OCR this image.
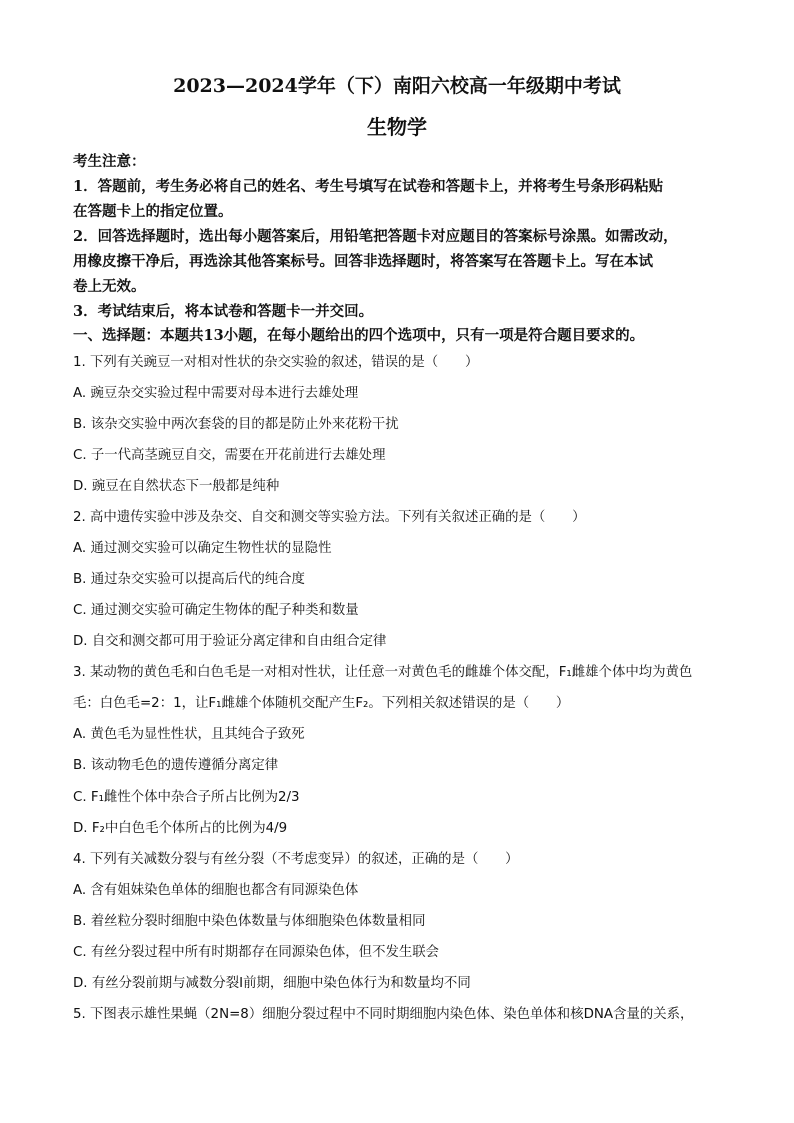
2023—2024学年（下）南阳六校高一年级期中考试
生物学
考生注意：
1．答题前，考生务必将自己的姓名、考生号填写在试卷和答题卡上，并将考生号条形码粘贴
在答题卡上的指定位置。
2．回答选择题时，选出每小题答案后，用铅笔把答题卡对应题目的答案标号涂黑。如需改动，
用橡皮擦干净后，再选涂其他答案标号。回答非选择题时，将答案写在答题卡上。写在本试
卷上无效。
3．考试结束后，将本试卷和答题卡一并交回。
一、选择题：本题共13小题，在每小题给出的四个选项中，只有一项是符合题目要求的。
1. 下列有关豌豆一对相对性状的杂交实验的叙述，错误的是（　　）
A. 豌豆杂交实验过程中需要对母本进行去雄处理
B. 该杂交实验中两次套袋的目的都是防止外来花粉干扰
C. 子一代高茎豌豆自交，需要在开花前进行去雄处理
D. 豌豆在自然状态下一般都是纯种
2. 高中遗传实验中涉及杂交、自交和测交等实验方法。下列有关叙述正确的是（　　）
A. 通过测交实验可以确定生物性状的显隐性
B. 通过杂交实验可以提高后代的纯合度
C. 通过测交实验可确定生物体的配子种类和数量
D. 自交和测交都可用于验证分离定律和自由组合定律
3. 某动物的黄色毛和白色毛是一对相对性状，让任意一对黄色毛的雌雄个体交配，F₁雌雄个体中均为黄色
毛：白色毛=2：1，让F₁雌雄个体随机交配产生F₂。下列相关叙述错误的是（　　）
A. 黄色毛为显性性状，且其纯合子致死
B. 该动物毛色的遗传遵循分离定律
C. F₁雌性个体中杂合子所占比例为2/3
D. F₂中白色毛个体所占的比例为4/9
4. 下列有关减数分裂与有丝分裂（不考虑变异）的叙述，正确的是（　　）
A. 含有姐妹染色单体的细胞也都含有同源染色体
B. 着丝粒分裂时细胞中染色体数量与体细胞染色体数量相同
C. 有丝分裂过程中所有时期都存在同源染色体，但不发生联会
D. 有丝分裂前期与减数分裂Ⅰ前期，细胞中染色体行为和数量均不同
5. 下图表示雄性果蝇（2N=8）细胞分裂过程中不同时期细胞内染色体、染色单体和核DNA含量的关系，
